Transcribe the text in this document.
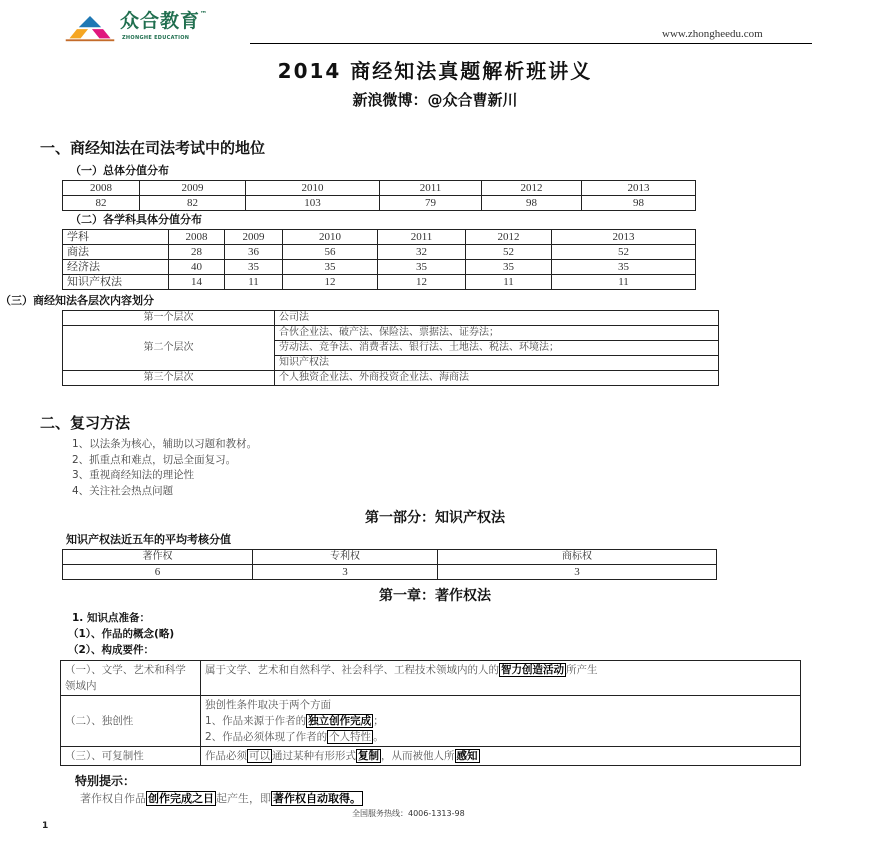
众合教育™
ZHONGHE EDUCATION	www.zhongheedu.com
2014 商经知法真题解析班讲义
新浪微博：@众合曹新川
一、商经知法在司法考试中的地位
（一）总体分值分布
2008	2009	2010	2011	2012	2013
82	82	103	79	98	98
（二）各学科具体分值分布
学科	2008	2009	2010	2011	2012	2013
商法	28	36	56	32	52	52
经济法	40	35	35	35	35	35
知识产权法	14	11	12	12	11	11
（三）商经知法各层次内容划分
第一个层次	公司法
第二个层次	合伙企业法、破产法、保险法、票据法、证券法；
	劳动法、竞争法、消费者法、银行法、土地法、税法、环境法；
	知识产权法
第三个层次	个人独资企业法、外商投资企业法、海商法
二、复习方法
1、以法条为核心，辅助以习题和教材。
2、抓重点和难点，切忌全面复习。
3、重视商经知法的理论性
4、关注社会热点问题
第一部分：知识产权法
知识产权法近五年的平均考核分值
著作权	专利权	商标权
6	3	3
第一章：著作权法
1. 知识点准备：
（1）、作品的概念(略)
（2）、构成要件：
（一）、文学、艺术和科学领域内	属于文学、艺术和自然科学、社会科学、工程技术领域内的人的 智力创造活动 所产生
（二）、独创性	独创性条件取决于两个方面
1、作品来源于作者的 独立创作完成 ；
2、作品必须体现了作者的 个人特性 。

（三）、可复制性	作品必须 可以 通过某种有形形式 复制 ，从而被他人所 感知
特别提示：
著作权自作品 创作完成之日 起产生，即 著作权自动取得。
全国服务热线：4006-1313-98
1
